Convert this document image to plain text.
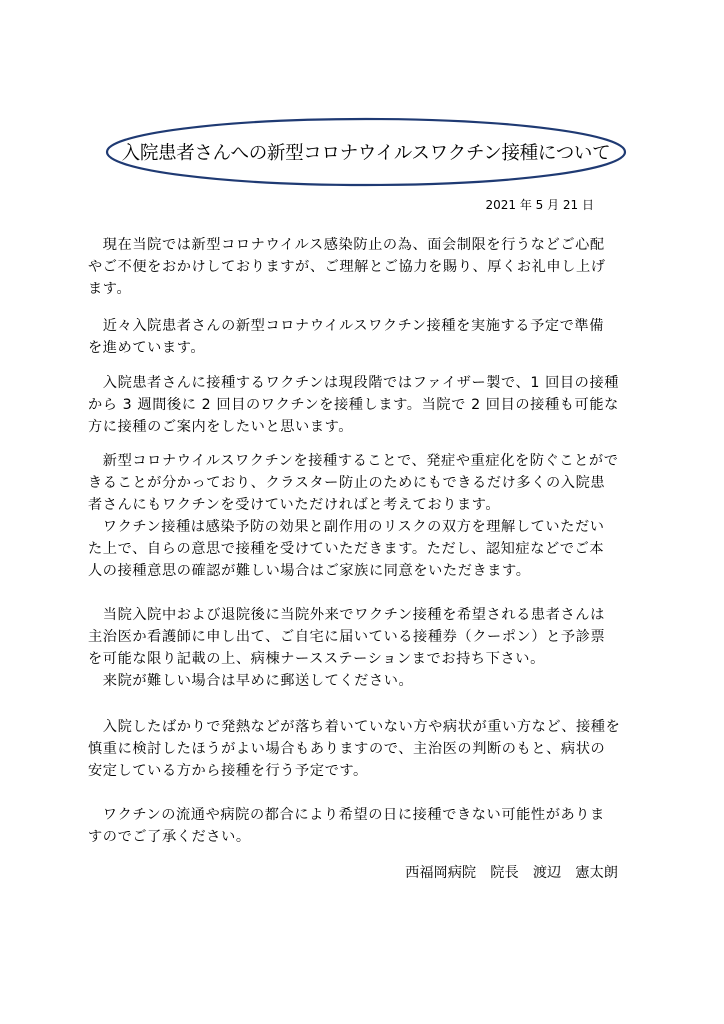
入院患者さんへの新型コロナウイルスワクチン接種について
2021 年 5 月 21 日
　現在当院では新型コロナウイルス感染防止の為、面会制限を行うなどご心配
やご不便をおかけしておりますが、ご理解とご協力を賜り、厚くお礼申し上げ
ます。
　近々入院患者さんの新型コロナウイルスワクチン接種を実施する予定で準備
を進めています。
　入院患者さんに接種するワクチンは現段階ではファイザー製で、1 回目の接種
から 3 週間後に 2 回目のワクチンを接種します。当院で 2 回目の接種も可能な
方に接種のご案内をしたいと思います。
　新型コロナウイルスワクチンを接種することで、発症や重症化を防ぐことがで
きることが分かっており、クラスター防止のためにもできるだけ多くの入院患
者さんにもワクチンを受けていただければと考えております。
　ワクチン接種は感染予防の効果と副作用のリスクの双方を理解していただい
た上で、自らの意思で接種を受けていただきます。ただし、認知症などでご本
人の接種意思の確認が難しい場合はご家族に同意をいただきます。
　当院入院中および退院後に当院外来でワクチン接種を希望される患者さんは
主治医か看護師に申し出て、ご自宅に届いている接種券（クーポン）と予診票
を可能な限り記載の上、病棟ナースステーションまでお持ち下さい。
　来院が難しい場合は早めに郵送してください。
　入院したばかりで発熱などが落ち着いていない方や病状が重い方など、接種を
慎重に検討したほうがよい場合もありますので、主治医の判断のもと、病状の
安定している方から接種を行う予定です。
　ワクチンの流通や病院の都合により希望の日に接種できない可能性がありま
すのでご了承ください。
西福岡病院　院長　渡辺　憲太朗
